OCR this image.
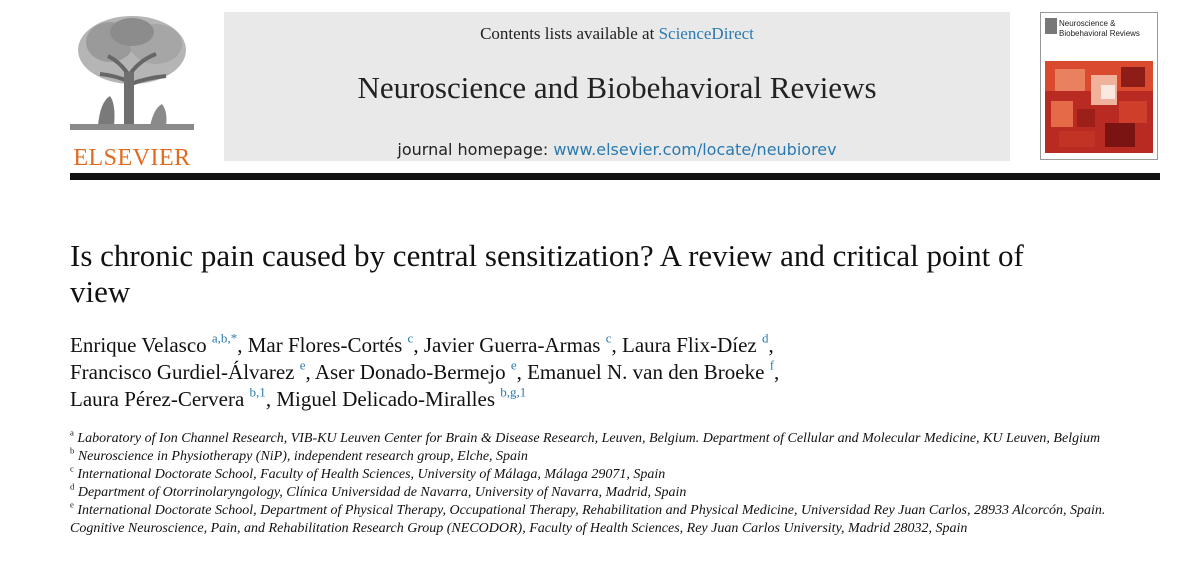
ELSEVIER
Contents lists available at ScienceDirect
Neuroscience and Biobehavioral Reviews
journal homepage: www.elsevier.com/locate/neubiorev
Neuroscience & Biobehavioral Reviews
Is chronic pain caused by central sensitization? A review and critical point of view
Enrique Velasco $^{a,b,*}$, Mar Flores-Cortés $^c$, Javier Guerra-Armas $^c$, Laura Flix-Díez $^d$,
Francisco Gurdiel-Álvarez $^e$, Aser Donado-Bermejo $^e$, Emanuel N. van den Broeke $^f$,
Laura Pérez-Cervera $^{b,1}$, Miguel Delicado-Miralles $^{b,g,1}$

$^a$ Laboratory of Ion Channel Research, VIB-KU Leuven Center for Brain & Disease Research, Leuven, Belgium. Department of Cellular and Molecular Medicine, KU Leuven, Belgium

$^b$ Neuroscience in Physiotherapy (NiP), independent research group, Elche, Spain

$^c$ International Doctorate School, Faculty of Health Sciences, University of Málaga, Málaga 29071, Spain

$^d$ Department of Otorrinolaryngology, Clínica Universidad de Navarra, University of Navarra, Madrid, Spain

$^e$ International Doctorate School, Department of Physical Therapy, Occupational Therapy, Rehabilitation and Physical Medicine, Universidad Rey Juan Carlos, 28933 Alcorcón, Spain. Cognitive Neuroscience, Pain, and Rehabilitation Research Group (NECODOR), Faculty of Health Sciences, Rey Juan Carlos University, Madrid 28032, Spain
